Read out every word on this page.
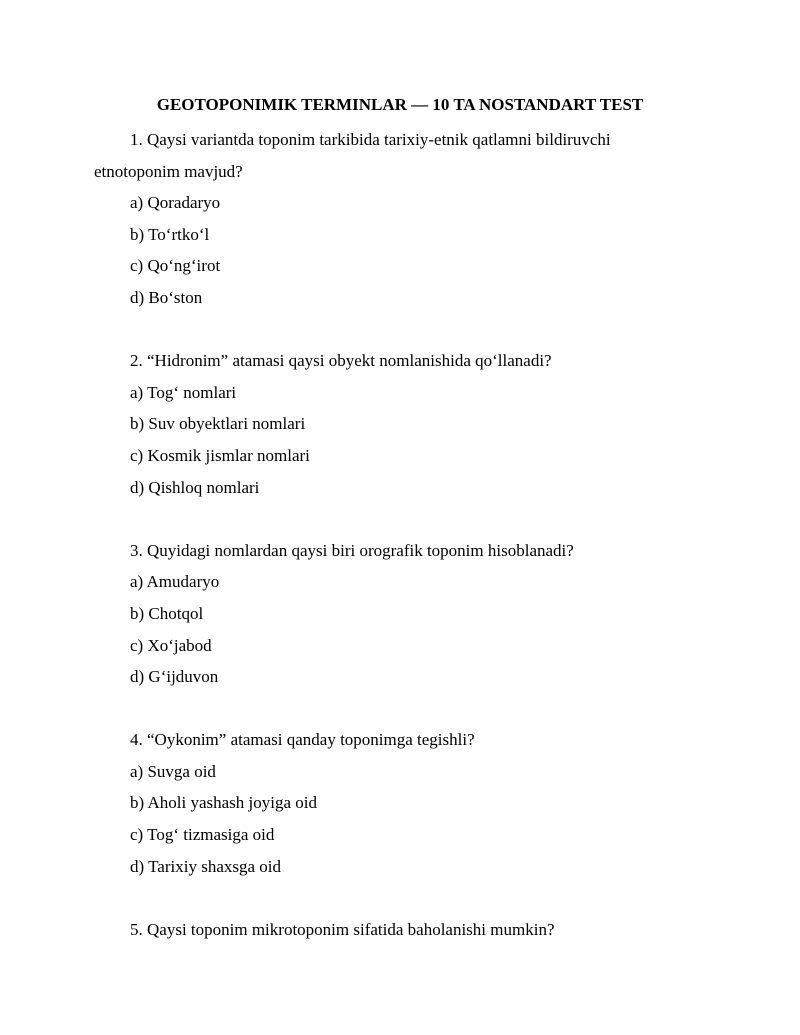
GEOTOPONIMIK TERMINLAR — 10 TA NOSTANDART TEST

1. Qaysi variantda toponim tarkibida tarixiy-etnik qatlamni bildiruvchi

etnotoponim mavjud?

a) Qoradaryo

b) To‘rtko‘l

c) Qo‘ng‘irot

d) Bo‘ston

2. “Hidronim” atamasi qaysi obyekt nomlanishida qo‘llanadi?

a) Tog‘ nomlari

b) Suv obyektlari nomlari

c) Kosmik jismlar nomlari

d) Qishloq nomlari

3. Quyidagi nomlardan qaysi biri orografik toponim hisoblanadi?

a) Amudaryo

b) Chotqol

c) Xo‘jabod

d) G‘ijduvon

4. “Oykonim” atamasi qanday toponimga tegishli?

a) Suvga oid

b) Aholi yashash joyiga oid

c) Tog‘ tizmasiga oid

d) Tarixiy shaxsga oid

5. Qaysi toponim mikrotoponim sifatida baholanishi mumkin?
